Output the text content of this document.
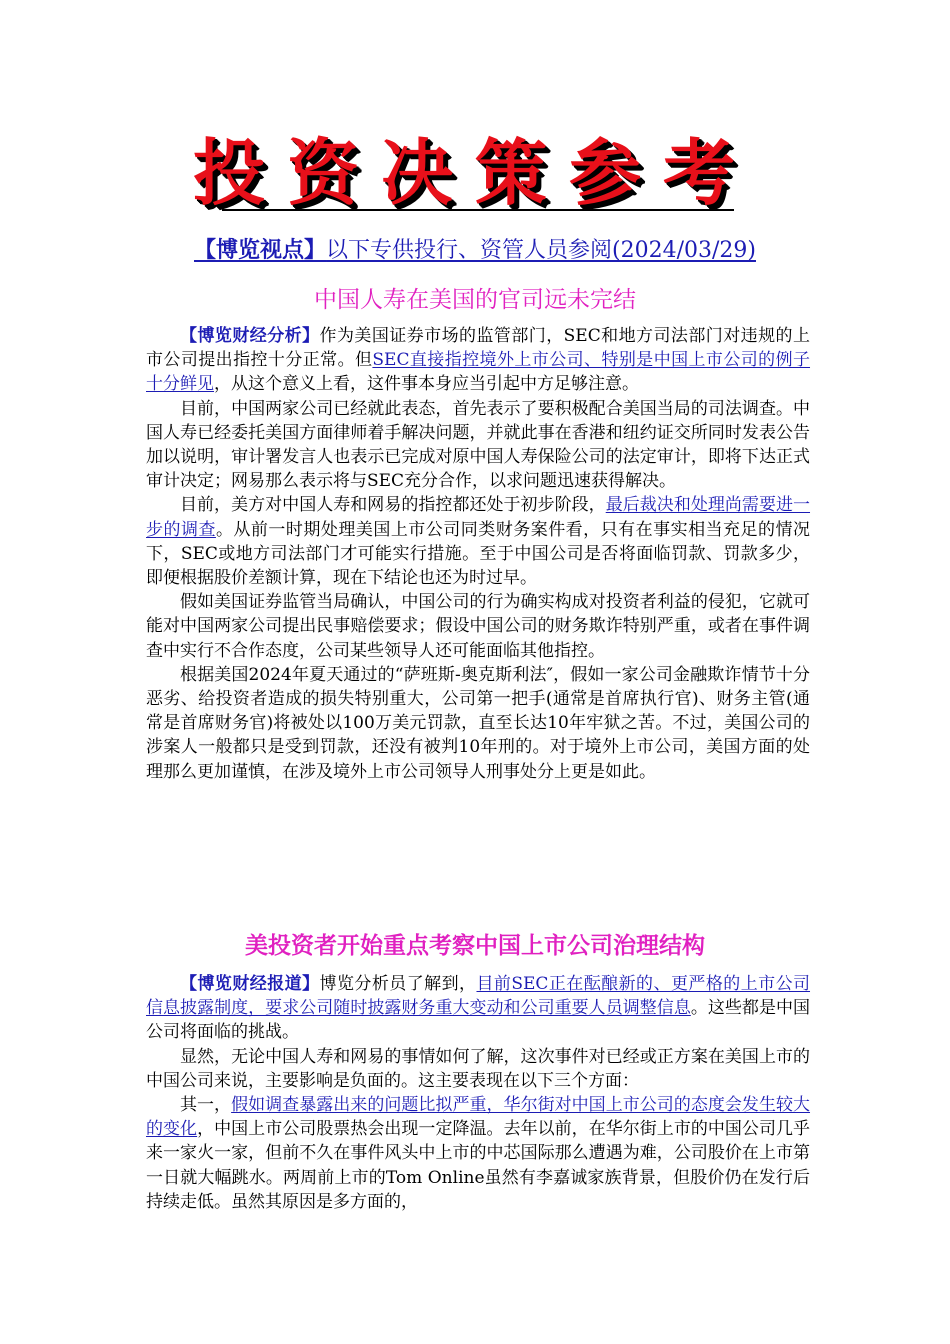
投资决策参考
【博览视点】以下专供投行、资管人员参阅(2024/03/29)
中国人寿在美国的官司远未完结

【博览财经分析】作为美国证券市场的监管部门，SEC和地方司法部门对违规的上市公司提出指控十分正常。但SEC直接指控境外上市公司、特别是中国上市公司的例子十分鲜见，从这个意义上看，这件事本身应当引起中方足够注意。

目前，中国两家公司已经就此表态，首先表示了要积极配合美国当局的司法调查。中国人寿已经委托美国方面律师着手解决问题，并就此事在香港和纽约证交所同时发表公告加以说明，审计署发言人也表示已完成对原中国人寿保险公司的法定审计，即将下达正式审计决定；网易那么表示将与SEC充分合作，以求问题迅速获得解决。

目前，美方对中国人寿和网易的指控都还处于初步阶段，最后裁决和处理尚需要进一步的调查。从前一时期处理美国上市公司同类财务案件看，只有在事实相当充足的情况下，SEC或地方司法部门才可能实行措施。至于中国公司是否将面临罚款、罚款多少，即便根据股价差额计算，现在下结论也还为时过早。

假如美国证券监管当局确认，中国公司的行为确实构成对投资者利益的侵犯，它就可能对中国两家公司提出民事赔偿要求；假设中国公司的财务欺诈特别严重，或者在事件调查中实行不合作态度，公司某些领导人还可能面临其他指控。

根据美国2024年夏天通过的“萨班斯-奥克斯利法″，假如一家公司金融欺诈情节十分恶劣、给投资者造成的损失特别重大，公司第一把手(通常是首席执行官)、财务主管(通常是首席财务官)将被处以100万美元罚款，直至长达10年牢狱之苦。不过，美国公司的涉案人一般都只是受到罚款，还没有被判10年刑的。对于境外上市公司，美国方面的处理那么更加谨慎，在涉及境外上市公司领导人刑事处分上更是如此。

美投资者开始重点考察中国上市公司治理结构

【博览财经报道】博览分析员了解到，目前SEC正在酝酿新的、更严格的上市公司信息披露制度，要求公司随时披露财务重大变动和公司重要人员调整信息。这些都是中国公司将面临的挑战。

显然，无论中国人寿和网易的事情如何了解，这次事件对已经或正方案在美国上市的中国公司来说，主要影响是负面的。这主要表现在以下三个方面：

其一，假如调查暴露出来的问题比拟严重，华尔街对中国上市公司的态度会发生较大的变化，中国上市公司股票热会出现一定降温。去年以前，在华尔街上市的中国公司几乎来一家火一家，但前不久在事件风头中上市的中芯国际那么遭遇为难，公司股价在上市第一日就大幅跳水。两周前上市的Tom Online虽然有李嘉诚家族背景，但股价仍在发行后持续走低。虽然其原因是多方面的，
